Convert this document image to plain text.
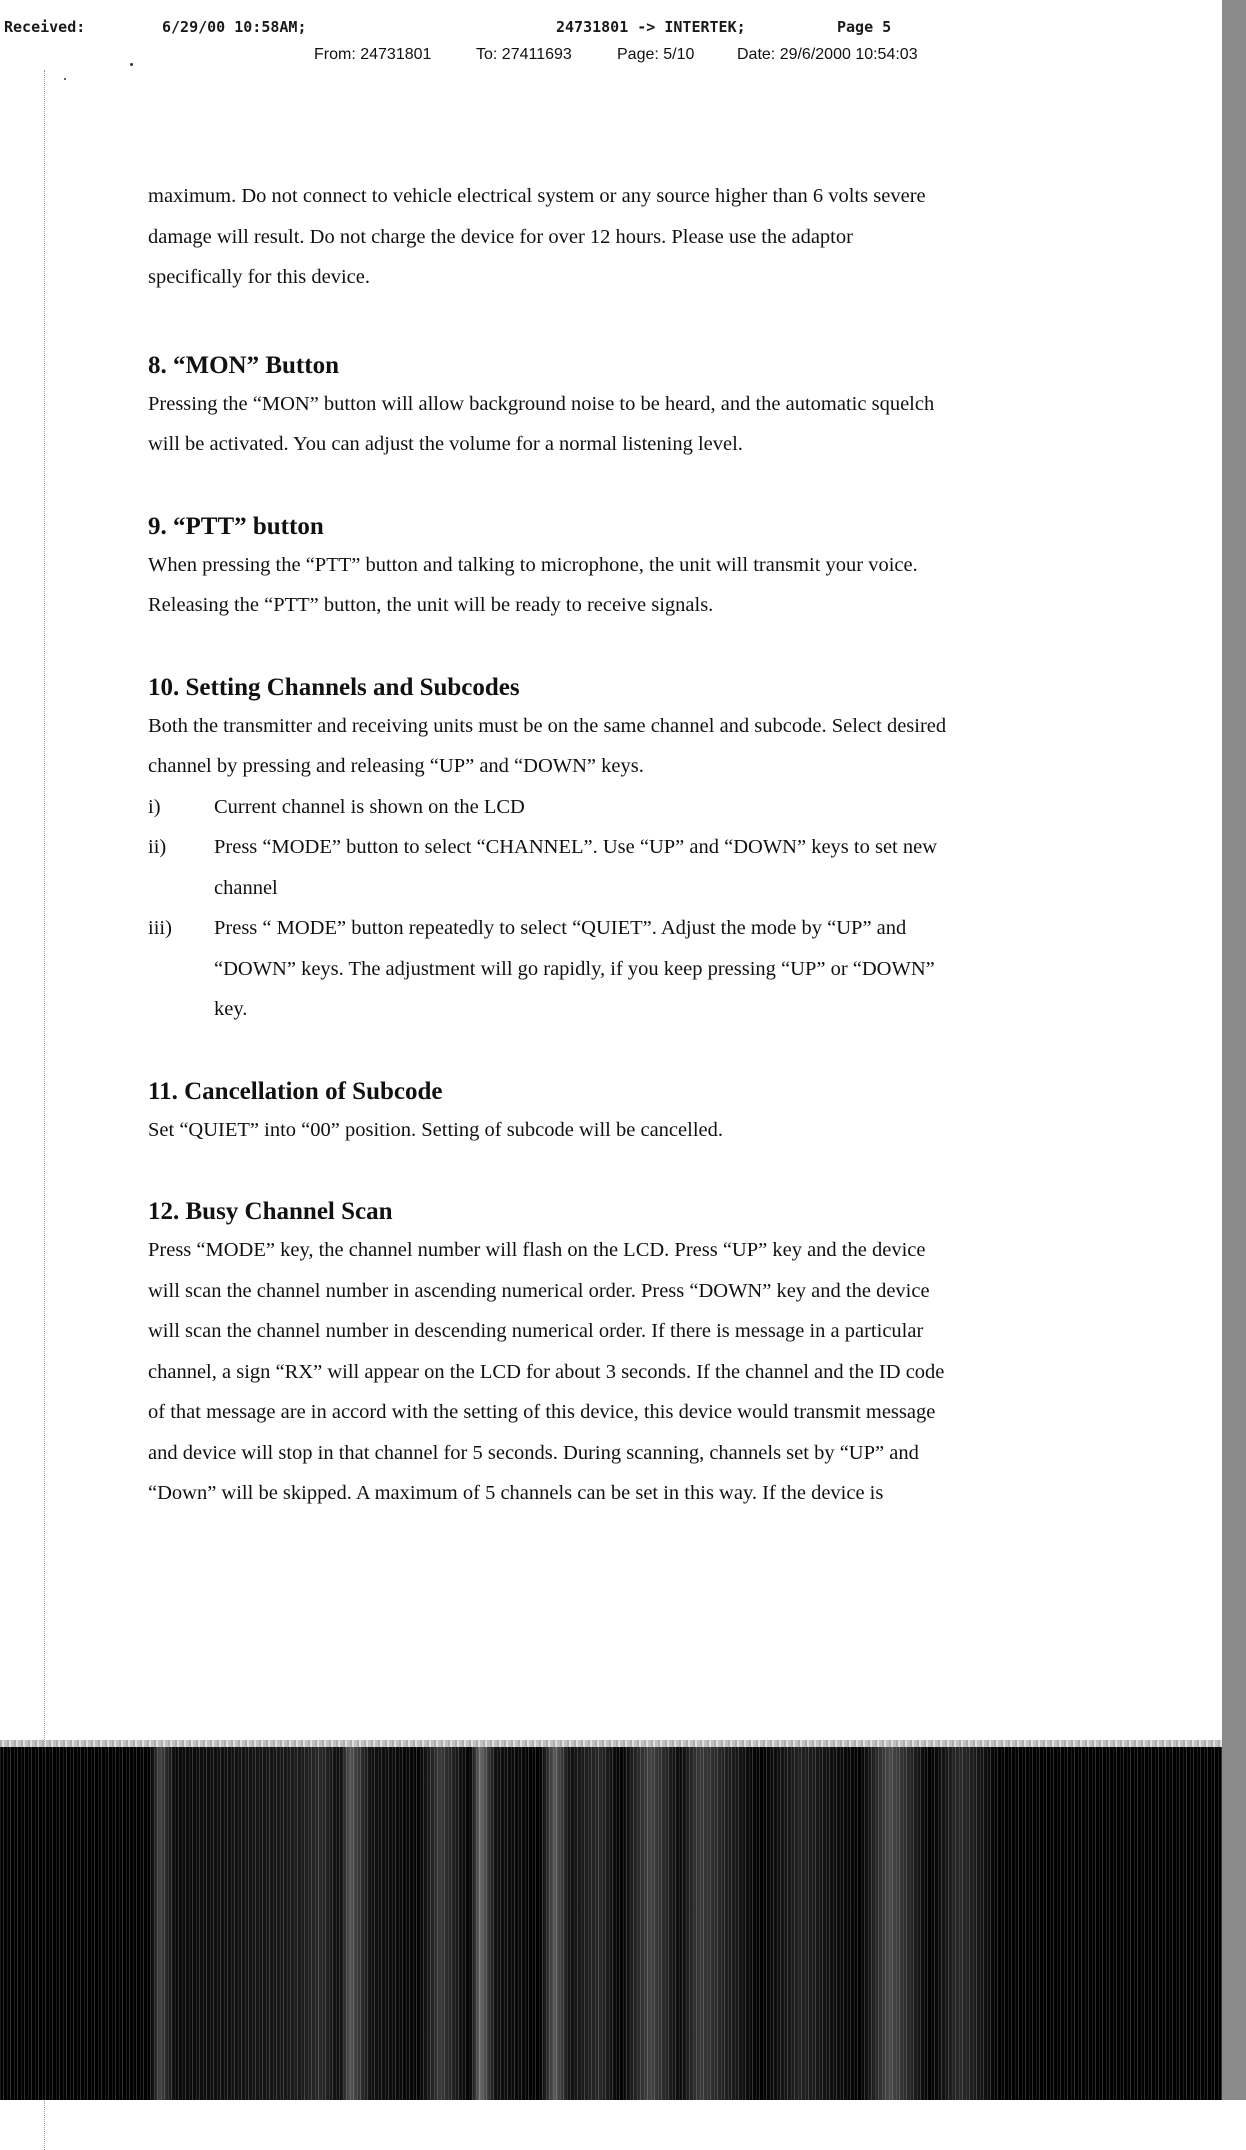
Received:

	6/29/00 10:58AM;

	24731801 -> INTERTEK;

	Page 5

From: 24731801	To: 27411693	Page: 5/10	Date: 29/6/2000 10:54:03

maximum. Do not connect to vehicle electrical system or any source higher than 6 volts severe
damage will result. Do not charge the device for over 12 hours. Please use the adaptor
specifically for this device.

8. “MON” Button

Pressing the “MON” button will allow background noise to be heard, and the automatic squelch
will be activated. You can adjust the volume for a normal listening level.

9. “PTT” button

When pressing the “PTT” button and talking to microphone, the unit will transmit your voice.
Releasing the “PTT” button, the unit will be ready to receive signals.

10. Setting Channels and Subcodes

Both the transmitter and receiving units must be on the same channel and subcode. Select desired
channel by pressing and releasing “UP” and “DOWN” keys.

i)	Current channel is shown on the LCD
ii)	Press “MODE” button to select “CHANNEL”. Use “UP” and “DOWN” keys to set new
channel
iii)	Press “ MODE” button repeatedly to select “QUIET”. Adjust the mode by “UP” and
“DOWN” keys. The adjustment will go rapidly, if you keep pressing “UP” or “DOWN”
key.
11. Cancellation of Subcode

Set “QUIET” into “00” position. Setting of subcode will be cancelled.

12. Busy Channel Scan

Press “MODE” key, the channel number will flash on the LCD. Press “UP” key and the device
will scan the channel number in ascending numerical order. Press “DOWN” key and the device
will scan the channel number in descending numerical order. If there is message in a particular
channel, a sign “RX” will appear on the LCD for about 3 seconds. If the channel and the ID code
of that message are in accord with the setting of this device, this device would transmit message
and device will stop in that channel for 5 seconds. During scanning, channels set by “UP” and
“Down” will be skipped. A maximum of 5 channels can be set in this way. If the device is
